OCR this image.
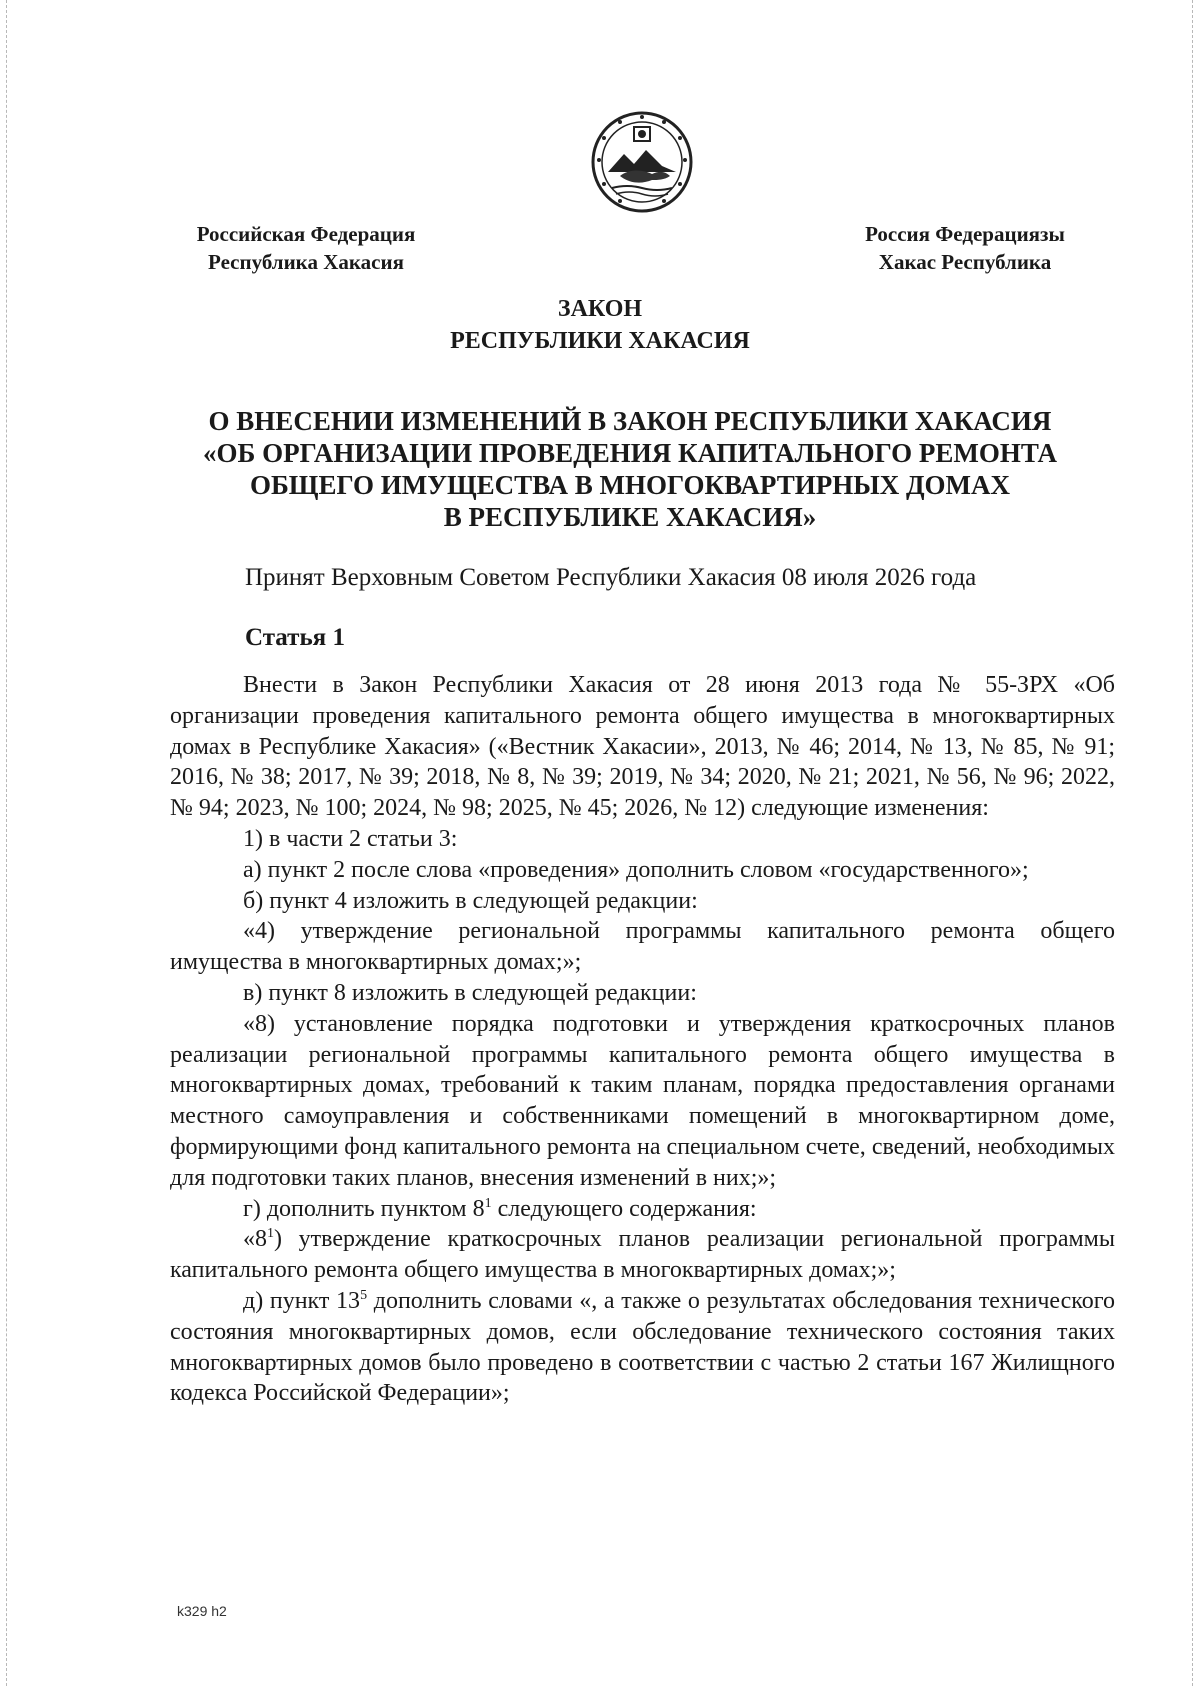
Российская Федерация
Республика Хакасия
Россия Федерациязы
Хакас Республика
ЗАКОН
РЕСПУБЛИКИ ХАКАСИЯ
О ВНЕСЕНИИ ИЗМЕНЕНИЙ В ЗАКОН РЕСПУБЛИКИ ХАКАСИЯ
«ОБ ОРГАНИЗАЦИИ ПРОВЕДЕНИЯ КАПИТАЛЬНОГО РЕМОНТА
ОБЩЕГО ИМУЩЕСТВА В МНОГОКВАРТИРНЫХ ДОМАХ
В РЕСПУБЛИКЕ ХАКАСИЯ»
Принят Верховным Советом Республики Хакасия 08 июля 2026 года
Статья 1

Внести в Закон Республики Хакасия от 28 июня 2013 года № 55-ЗРХ «Об организации проведения капитального ремонта общего имущества в многоквартирных домах в Республике Хакасия» («Вестник Хакасии», 2013, № 46; 2014, № 13, № 85, № 91; 2016, № 38; 2017, № 39; 2018, № 8, № 39; 2019, № 34; 2020, № 21; 2021, № 56, № 96; 2022, № 94; 2023, № 100; 2024, № 98; 2025, № 45; 2026, № 12) следующие изменения:

1) в части 2 статьи 3:

а) пункт 2 после слова «проведения» дополнить словом «государственного»;

б) пункт 4 изложить в следующей редакции:

«4) утверждение региональной программы капитального ремонта общего имущества в многоквартирных домах;»;

в) пункт 8 изложить в следующей редакции:

«8) установление порядка подготовки и утверждения краткосрочных планов реализации региональной программы капитального ремонта общего имущества в многоквартирных домах, требований к таким планам, порядка предоставления органами местного самоуправления и собственниками помещений в многоквартирном доме, формирующими фонд капитального ремонта на специальном счете, сведений, необходимых для подготовки таких планов, внесения изменений в них;»;

г) дополнить пунктом $8^1$ следующего содержания:

«$8^1$) утверждение краткосрочных планов реализации региональной программы капитального ремонта общего имущества в многоквартирных домах;»;

д) пункт $13^5$ дополнить словами «, а также о результатах обследования технического состояния многоквартирных домов, если обследование технического состояния таких многоквартирных домов было проведено в соответствии с частью 2 статьи 167 Жилищного кодекса Российской Федерации»;

k329 h2
